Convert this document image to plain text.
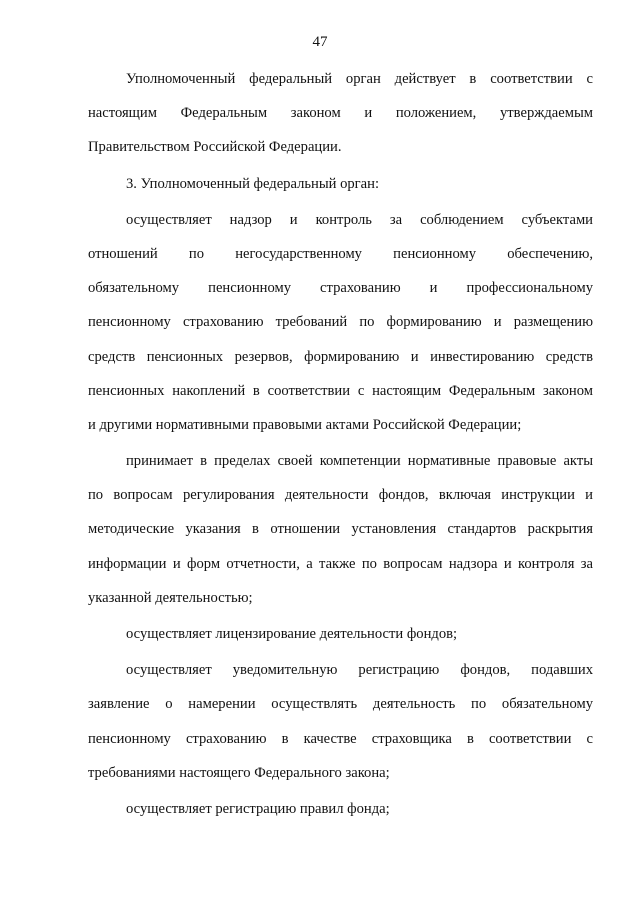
47
Уполномоченный федеральный орган действует в соответствии с
настоящим Федеральным законом и положением, утверждаемым
Правительством Российской Федерации.
3. Уполномоченный федеральный орган:
осуществляет надзор и контроль за соблюдением субъектами
отношений по негосударственному пенсионному обеспечению,
обязательному пенсионному страхованию и профессиональному
пенсионному страхованию требований по формированию и размещению
средств пенсионных резервов, формированию и инвестированию средств
пенсионных накоплений в соответствии с настоящим Федеральным законом
и другими нормативными правовыми актами Российской Федерации;
принимает в пределах своей компетенции нормативные правовые акты
по вопросам регулирования деятельности фондов, включая инструкции и
методические указания в отношении установления стандартов раскрытия
информации и форм отчетности, а также по вопросам надзора и контроля за
указанной деятельностью;
осуществляет лицензирование деятельности фондов;
осуществляет уведомительную регистрацию фондов, подавших
заявление о намерении осуществлять деятельность по обязательному
пенсионному страхованию в качестве страховщика в соответствии с
требованиями настоящего Федерального закона;
осуществляет регистрацию правил фонда;
